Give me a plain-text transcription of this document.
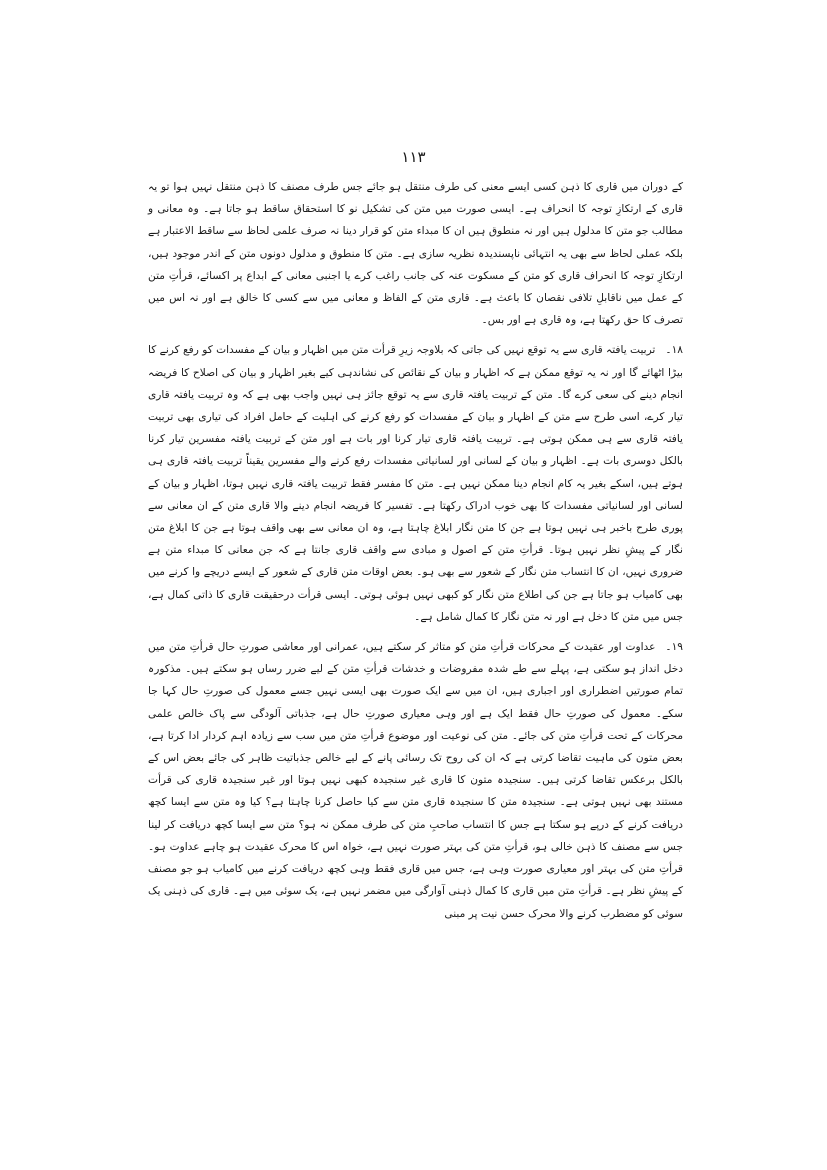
١١٣

کے دوران میں قاری کا ذہن کسی ایسے معنی کی طرف منتقل ہو جائے جس طرف مصنف کا ذہن منتقل نہیں ہوا تو یہ قاری کے ارتکازِ توجہ کا انحراف ہے۔ ایسی صورت میں متن کی تشکیل نو کا استحقاق ساقط ہو جاتا ہے۔ وہ معانی و مطالب جو متن کا مدلول ہیں اور نہ منطوق ہیں ان کا مبداء متن کو قرار دینا نہ صرف علمی لحاظ سے ساقط الاعتبار ہے بلکہ عملی لحاظ سے بھی یہ انتہائی ناپسندیدہ نظریہ سازی ہے۔ متن کا منطوق و مدلول دونوں متن کے اندر موجود ہیں، ارتکازِ توجہ کا انحراف قاری کو متن کے مسکوت عنہ کی جانب راغب کرے یا اجنبی معانی کے ابداع پر اکسائے، قرأتِ متن کے عمل میں ناقابلِ تلافی نقصان کا باعث ہے۔ قاری متن کے الفاظ و معانی میں سے کسی کا خالق ہے اور نہ اس میں تصرف کا حق رکھتا ہے، وہ قاری ہے اور بس۔

١٨۔تربیت یافتہ قاری سے یہ توقع نہیں کی جاتی کہ بلاوجہ زیرِ قرأت متن میں اظہار و بیان کے مفسدات کو رفع کرنے کا بیڑا اٹھائے گا اور نہ یہ توقع ممکن ہے کہ اظہار و بیان کے نقائص کی نشاندہی کیے بغیر اظہار و بیان کی اصلاح کا فریضہ انجام دینے کی سعی کرے گا۔ متن کے تربیت یافتہ قاری سے یہ توقع جائز ہی نہیں واجب بھی ہے کہ وہ تربیت یافتہ قاری تیار کرے، اسی طرح سے متن کے اظہار و بیان کے مفسدات کو رفع کرنے کی اہلیت کے حامل افراد کی تیاری بھی تربیت یافتہ قاری سے ہی ممکن ہوتی ہے۔ تربیت یافتہ قاری تیار کرنا اور بات ہے اور متن کے تربیت یافتہ مفسرین تیار کرنا بالکل دوسری بات ہے۔ اظہار و بیان کے لسانی اور لسانیاتی مفسدات رفع کرنے والے مفسرین یقیناً تربیت یافتہ قاری ہی ہوتے ہیں، اسکے بغیر یہ کام انجام دینا ممکن نہیں ہے۔ متن کا مفسر فقط تربیت یافتہ قاری نہیں ہوتا، اظہار و بیان کے لسانی اور لسانیاتی مفسدات کا بھی خوب ادراک رکھتا ہے۔ تفسیر کا فریضہ انجام دینے والا قاری متن کے ان معانی سے پوری طرح باخبر ہی نہیں ہوتا ہے جن کا متن نگار ابلاغ چاہتا ہے، وہ ان معانی سے بھی واقف ہوتا ہے جن کا ابلاغ متن نگار کے پیشِ نظر نہیں ہوتا۔ قرأتِ متن کے اصول و مبادی سے واقف قاری جانتا ہے کہ جن معانی کا مبداء متن ہے ضروری نہیں، ان کا انتساب متن نگار کے شعور سے بھی ہو۔ بعض اوقات متن قاری کے شعور کے ایسے دریچے وا کرنے میں بھی کامیاب ہو جاتا ہے جن کی اطلاع متن نگار کو کبھی نہیں ہوئی ہوتی۔ ایسی قرأت درحقیقت قاری کا ذاتی کمال ہے، جس میں متن کا دخل ہے اور نہ متن نگار کا کمال شامل ہے۔

١٩۔عداوت اور عقیدت کے محرکات قرأتِ متن کو متاثر کر سکتے ہیں، عمرانی اور معاشی صورتِ حال قرأتِ متن میں دخل انداز ہو سکتی ہے، پہلے سے طے شدہ مفروضات و خدشات قرأتِ متن کے لیے ضرر رساں ہو سکتے ہیں۔ مذکورہ تمام صورتیں اضطراری اور اجباری ہیں، ان میں سے ایک صورت بھی ایسی نہیں جسے معمول کی صورتِ حال کہا جا سکے۔ معمول کی صورتِ حال فقط ایک ہے اور وہی معیاری صورتِ حال ہے، جذباتی آلودگی سے پاک خالص علمی محرکات کے تحت قرأتِ متن کی جائے۔ متن کی نوعیت اور موضوع قرأتِ متن میں سب سے زیادہ اہم کردار ادا کرتا ہے، بعض متون کی ماہیت تقاضا کرتی ہے کہ ان کی روح تک رسائی پانے کے لیے خالص جذباتیت ظاہر کی جائے بعض اس کے بالکل برعکس تقاضا کرتی ہیں۔ سنجیدہ متون کا قاری غیر سنجیدہ کبھی نہیں ہوتا اور غیر سنجیدہ قاری کی قرأت مستند بھی نہیں ہوتی ہے۔ سنجیدہ متن کا سنجیدہ قاری متن سے کیا حاصل کرنا چاہتا ہے؟ کیا وہ متن سے ایسا کچھ دریافت کرنے کے درپے ہو سکتا ہے جس کا انتساب صاحبِ متن کی طرف ممکن نہ ہو؟ متن سے ایسا کچھ دریافت کر لینا جس سے مصنف کا ذہن خالی ہو، قرأتِ متن کی بہتر صورت نہیں ہے، خواہ اس کا محرک عقیدت ہو چاہے عداوت ہو۔ قرأتِ متن کی بہتر اور معیاری صورت وہی ہے، جس میں قاری فقط وہی کچھ دریافت کرنے میں کامیاب ہو جو مصنف کے پیشِ نظر ہے۔ قرأتِ متن میں قاری کا کمال ذہنی آوارگی میں مضمر نہیں ہے، یک سوئی میں ہے۔ قاری کی ذہنی یک سوئی کو مضطرب کرنے والا محرک حسن نیت پر مبنی
